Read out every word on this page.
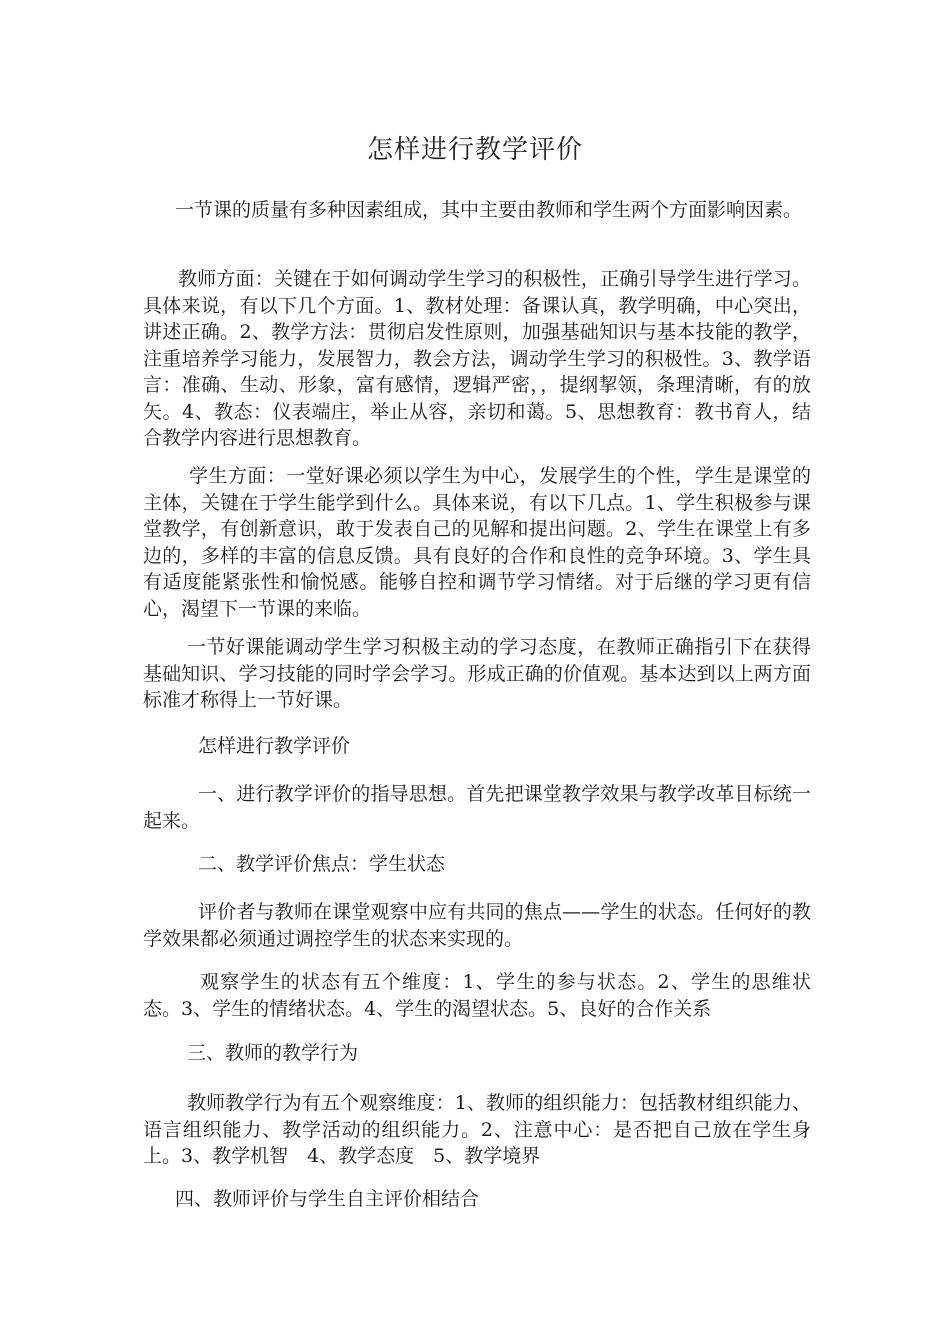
怎样进行教学评价

一节课的质量有多种因素组成，其中主要由教师和学生两个方面影响因素。

教师方面：关键在于如何调动学生学习的积极性，正确引导学生进行学习。具体来说，有以下几个方面。1、教材处理：备课认真，教学明确，中心突出，讲述正确。2、教学方法：贯彻启发性原则，加强基础知识与基本技能的教学，注重培养学习能力，发展智力，教会方法，调动学生学习的积极性。3、教学语言：准确、生动、形象，富有感情，逻辑严密，，提纲挈领，条理清晰，有的放矢。4、教态：仪表端庄，举止从容，亲切和蔼。5、思想教育：教书育人，结合教学内容进行思想教育。

学生方面：一堂好课必须以学生为中心，发展学生的个性，学生是课堂的主体，关键在于学生能学到什么。具体来说，有以下几点。1、学生积极参与课堂教学，有创新意识，敢于发表自己的见解和提出问题。2、学生在课堂上有多边的，多样的丰富的信息反馈。具有良好的合作和良性的竞争环境。3、学生具有适度能紧张性和愉悦感。能够自控和调节学习情绪。对于后继的学习更有信心，渴望下一节课的来临。

一节好课能调动学生学习积极主动的学习态度，在教师正确指引下在获得基础知识、学习技能的同时学会学习。形成正确的价值观。基本达到以上两方面标准才称得上一节好课。

怎样进行教学评价

一、进行教学评价的指导思想。首先把课堂教学效果与教学改革目标统一起来。

二、教学评价焦点：学生状态

评价者与教师在课堂观察中应有共同的焦点——学生的状态。任何好的教学效果都必须通过调控学生的状态来实现的。

观察学生的状态有五个维度：1、学生的参与状态。2、学生的思维状态。3、学生的情绪状态。4、学生的渴望状态。5、良好的合作关系

三、教师的教学行为

教师教学行为有五个观察维度：1、教师的组织能力：包括教材组织能力、语言组织能力、教学活动的组织能力。2、注意中心：是否把自己放在学生身上。3、教学机智　4、教学态度　5、教学境界

四、教师评价与学生自主评价相结合
